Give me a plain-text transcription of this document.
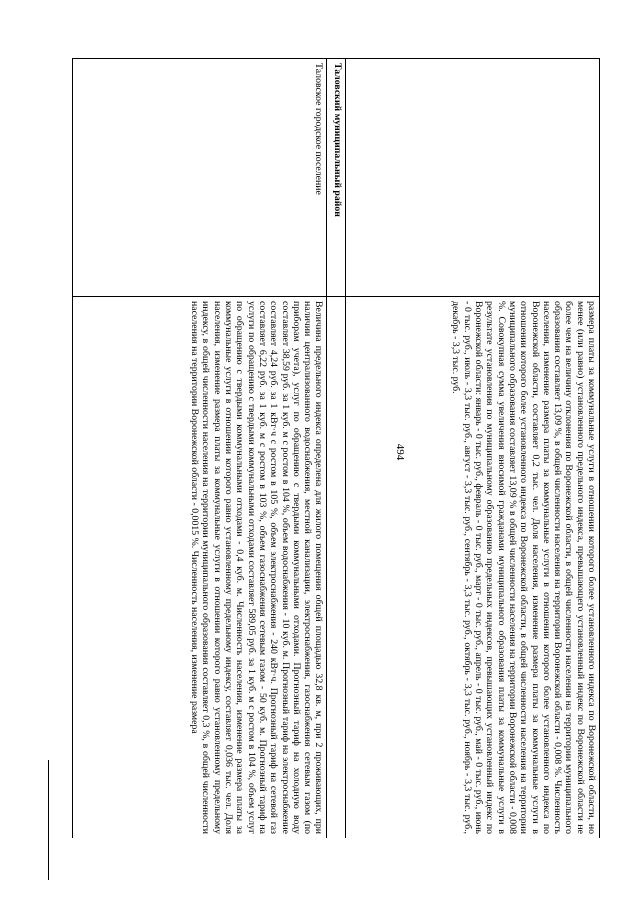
494

	размера платы за коммунальные услуги в отношении которого более установленного индекса по Воронежской области, но менее (или равно) установленного предельного индекса, превышающего установленный индекс по Воронежской области не более чем на величину отклонения по Воронежской области, в общей численности населения на территории муниципального образования составляет 13,09 %, в общей численности населения на территории Воронежской области - 0,008 %. Численность населения, изменение размера платы за коммунальные услуги в отношении которого более установленного индекса по Воронежской области, составляет 0,2 тыс. чел. Доля населения, изменение размера платы за коммунальные услуги в отношении которого более установленного индекса по Воронежской области, в общей численности населения на территории муниципального образования составляет 13,09 % в общей численности населения на территории Воронежской области - 0,008 %. Совокупная сумма увеличения вносимой гражданами муниципального образования платы за коммунальные услуги в результате установления по муниципальному образованию предельных индексов, превышающих установленный индекс по Воронежской области: январь - 0 тыс. руб., февраль - 0 тыс. руб., март - 0 тыс. руб., апрель - 0 тыс. руб., май - 0 тыс. руб., июнь - 0 тыс. руб., июль - 3,3 тыс. руб., август - 3,3 тыс. руб., сентябрь - 3,3 тыс. руб., октябрь - 3,3 тыс. руб., ноябрь - 3,3 тыс. руб., декабрь - 3,3 тыс. руб.

Таловский муниципальный район	
Таловское городское поселение	Величина предельного индекса определена для жилого помещения общей площадью 32,8 кв. м, при 2 проживающих, при наличии централизованного водоснабжения, местной канализации, электроснабжения, газоснабжения сетевым газом (по приборам учета), услуг по обращению с твердыми коммунальными отходами. Прогнозный тариф на холодную воду составляет 38,59 руб. за 1 куб. м с ростом в 104 %, объем водоснабжения - 10 куб. м. Прогнозный тариф на электроснабжение составляет 4,24 руб. за 1 кВт·ч с ростом в 105 %, объем электроснабжения - 240 кВт·ч. Прогнозный тариф на сетевой газ составляет 6,22 руб. за 1 куб. м с ростом в 103 %, объем газоснабжения сетевым газом - 50 куб. м. Прогнозный тариф на услуги по обращению с твердыми коммунальными отходами составляет 589,05 руб. за 1 куб. м с ростом в 104 %, объем услуг по обращению с твердыми коммунальными отходами - 0,4 куб. м. Численность населения, изменение размера платы за коммунальные услуги в отношении которого равно установленному предельному индексу, составляет 0,036 тыс. чел. Доля населения, изменение размера платы за коммунальные услуги в отношении которого равно установленному предельному индексу, в общей численности населения на территории муниципального образования составляет 0,3 %, в общей численности населения на территории Воронежской области - 0,0015 %. Численность населения, изменение размера
